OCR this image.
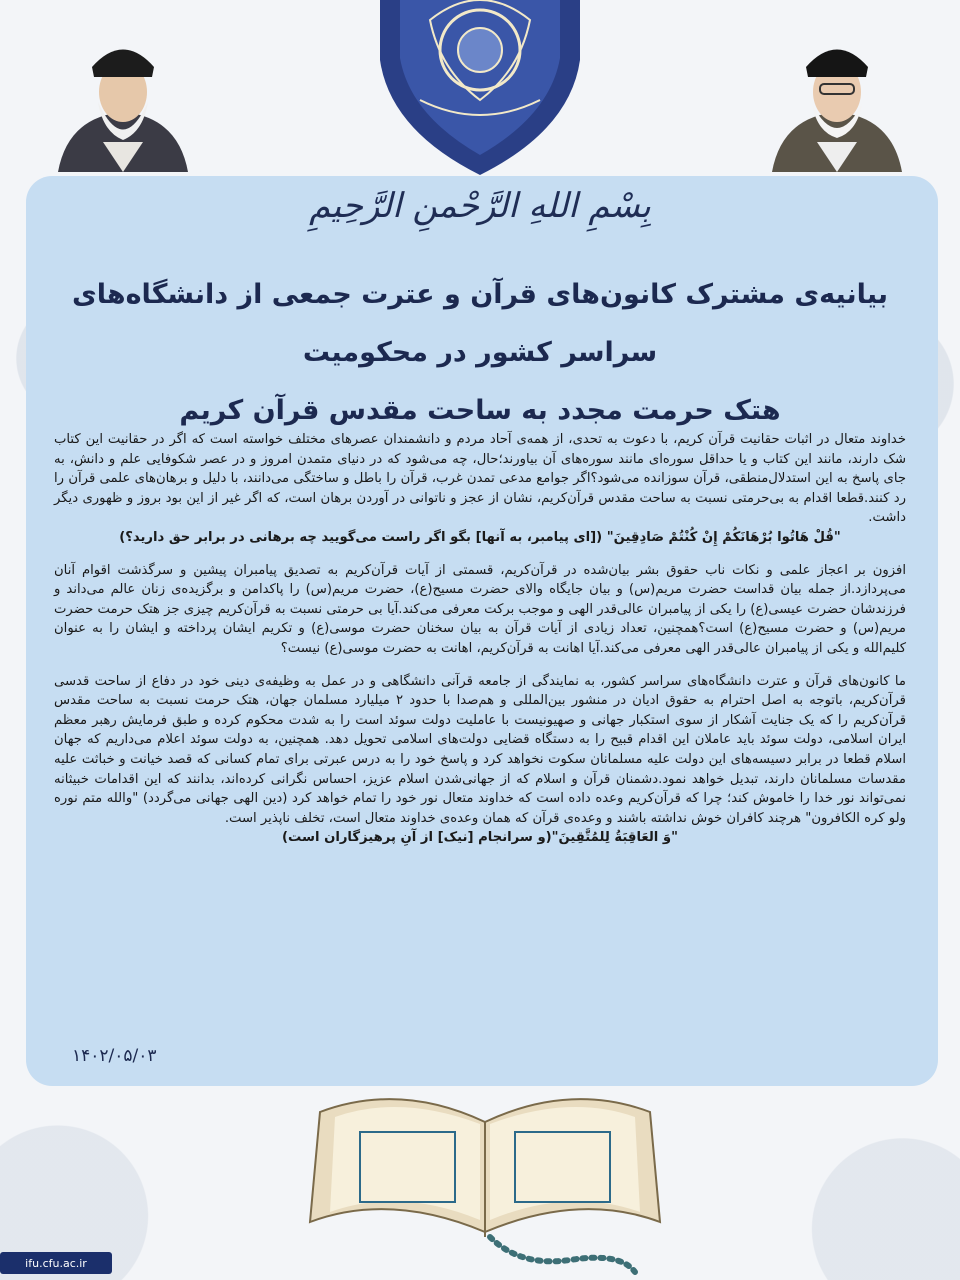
بِسْمِ اللهِ الرَّحْمنِ الرَّحِيمِ
بیانیه‌ی مشترک کانون‌های قرآن و عترت جمعی از دانشگاه‌های سراسر کشور در محکومیت
هتک حرمت مجدد به ساحت مقدس قرآن کریم

خداوند متعال در اثبات حقانیت قرآن کریم، با دعوت به تحدی، از همه‌ی آحاد مردم و دانشمندان عصرهای مختلف خواسته است که اگر در حقانیت این کتاب شک دارند، مانند این کتاب و یا حداقل سوره‌ای مانند سوره‌های آن بیاورند؛حال، چه می‌شود که در دنیای متمدن امروز و در عصر شکوفایی علم و دانش، به جای پاسخ به این استدلال‌منطقی، قرآن سوزانده می‌شود؟اگر جوامع مدعی تمدن غرب، قرآن را باطل و ساختگی می‌دانند، با دلیل و برهان‌های علمی قرآن را رد کنند.قطعا اقدام به بی‌حرمتی نسبت به ساحت مقدس قرآن‌کریم، نشان از عجز و ناتوانی در آوردن برهان است، که اگر غیر از این بود بروز و ظهوری دیگر داشت.
"قُلْ هَاتُوا بُرْهَانَكُمْ إِنْ كُنْتُمْ صَادِقِينَ" ([ای پیامبر، به آنها] بگو اگر راست می‌گویید چه برهانی در برابر حق دارید؟)

افزون بر اعجاز علمی و نکات ناب حقوق بشر بیان‌شده در قرآن‌کریم، قسمتی از آیات قرآن‌کریم به تصدیق پیامبران پیشین و سرگذشت اقوام آنان می‌پردازد.از جمله بیان قداست حضرت مریم(س) و بیان جایگاه والای حضرت مسیح(ع)، حضرت مریم(س) را پاکدامن و برگزیده‌ی زنان عالم می‌داند و فرزندشان حضرت عیسی(ع) را یکی از پیامبران عالی‌قدر الهی و موجب برکت معرفی می‌کند.آیا بی حرمتی نسبت به قرآن‌کریم چیزی جز هتک حرمت حضرت مریم(س) و حضرت مسیح(ع) است؟همچنین، تعداد زیادی از آیات قرآن به بیان سخنان حضرت موسی(ع) و تکریم ایشان پرداخته و ایشان را به عنوان کلیم‌الله و یکی از پیامبران عالی‌قدر الهی معرفی می‌کند.آیا اهانت به قرآن‌کریم، اهانت به حضرت موسی(ع) نیست؟

ما کانون‌های قرآن و عترت دانشگاه‌های سراسر کشور، به نمایندگی از جامعه قرآنی دانشگاهی و در عمل به وظیفه‌ی دینی خود در دفاع از ساحت قدسی قرآن‌کریم، باتوجه به اصل احترام به حقوق ادیان در منشور بین‌المللی و هم‌صدا با حدود ۲ میلیارد مسلمان جهان، هتک حرمت نسبت به ساحت مقدس قرآن‌کریم را که یک جنایت آشکار از سوی استکبار جهانی و صهیونیست با عاملیت دولت سوئد است را به شدت محکوم کرده و طبق فرمایش رهبر معظم ایران اسلامی، دولت سوئد باید عاملان این اقدام قبیح را به دستگاه قضایی دولت‌های اسلامی تحویل دهد. همچنین، به دولت سوئد اعلام می‌داریم که جهان اسلام قطعا در برابر دسیسه‌های این دولت علیه مسلمانان سکوت نخواهد کرد و پاسخ خود را به درس عبرتی برای تمام کسانی که قصد خیانت و خباثت علیه مقدسات مسلمانان دارند، تبدیل خواهد نمود.دشمنان قرآن و اسلام که از جهانی‌شدن اسلام عزیز، احساس نگرانی کرده‌اند، بدانند که این اقدامات خبیثانه نمی‌تواند نور خدا را خاموش کند؛ چرا که قرآن‌کریم وعده داده است که خداوند متعال نور خود را تمام خواهد کرد (دین الهی جهانی می‌گردد) "والله متم نوره ولو کره الکافرون" هرچند کافران خوش نداشته باشند و وعده‌ی قرآن که همان وعده‌ی خداوند متعال است، تخلف ناپذیر است.
"وَ العَاقِبَةُ لِلمُتَّقِينَ"(و سرانجام [نیک] از آنِ پرهیزگاران است)

۱۴۰۲/۰۵/۰۳
ifu.cfu.ac.ir
